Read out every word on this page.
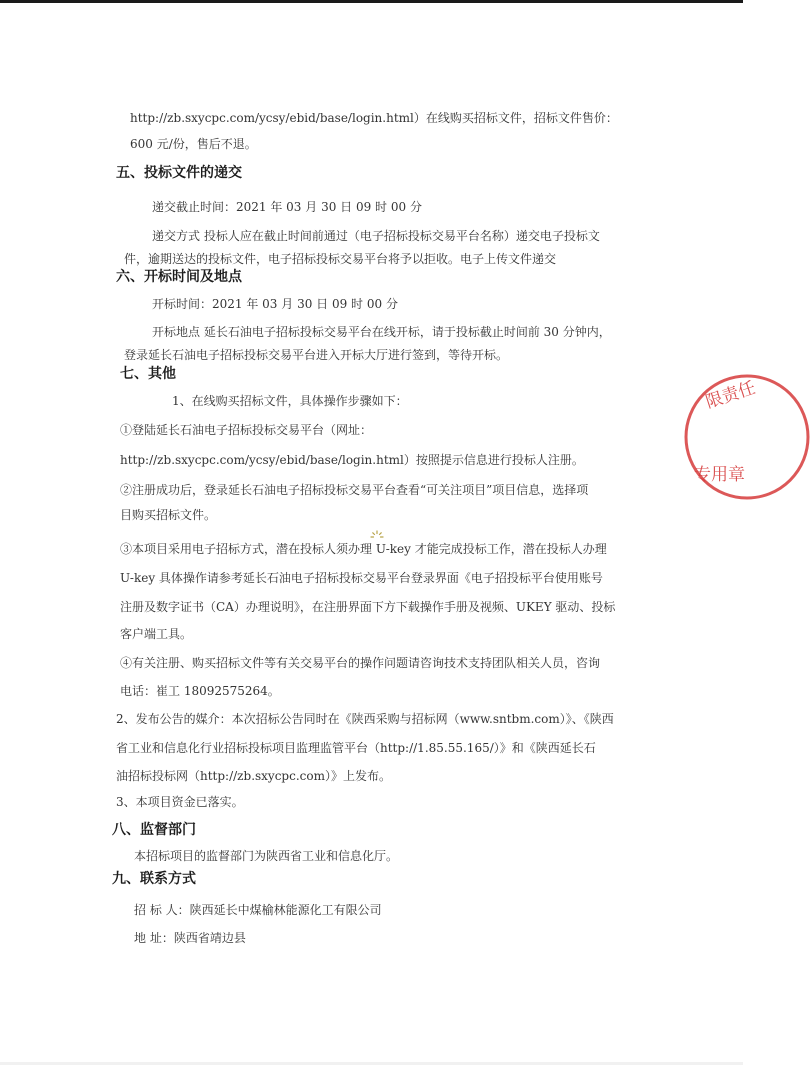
http://zb.sxycpc.com/ycsy/ebid/base/login.html）在线购买招标文件，招标文件售价：
600 元/份，售后不退。
五、投标文件的递交
递交截止时间：2021 年 03 月 30 日 09 时 00 分
递交方式 投标人应在截止时间前通过（电子招标投标交易平台名称）递交电子投标文
件，逾期送达的投标文件，电子招标投标交易平台将予以拒收。电子上传文件递交
六、开标时间及地点
开标时间：2021 年 03 月 30 日 09 时 00 分
开标地点 延长石油电子招标投标交易平台在线开标，请于投标截止时间前 30 分钟内，
登录延长石油电子招标投标交易平台进入开标大厅进行签到，等待开标。
七、其他
1、在线购买招标文件，具体操作步骤如下：
①登陆延长石油电子招标投标交易平台（网址：
http://zb.sxycpc.com/ycsy/ebid/base/login.html）按照提示信息进行投标人注册。
②注册成功后，登录延长石油电子招标投标交易平台查看“可关注项目”项目信息，选择项
目购买招标文件。
③本项目采用电子招标方式，潜在投标人须办理 U-key 才能完成投标工作，潜在投标人办理
U-key 具体操作请参考延长石油电子招标投标交易平台登录界面《电子招投标平台使用账号
注册及数字证书（CA）办理说明》，在注册界面下方下载操作手册及视频、UKEY 驱动、投标
客户端工具。
④有关注册、购买招标文件等有关交易平台的操作问题请咨询技术支持团队相关人员，咨询
电话：崔工 18092575264。
2、发布公告的媒介：本次招标公告同时在《陕西采购与招标网（www.sntbm.com）》、《陕西
省工业和信息化行业招标投标项目监理监管平台（http://1.85.55.165/）》和《陕西延长石
油招标投标网（http://zb.sxycpc.com）》上发布。
3、本项目资金已落实。
八、监督部门
本招标项目的监督部门为陕西省工业和信息化厅。
九、联系方式
招 标 人：陕西延长中煤榆林能源化工有限公司
地 址：陕西省靖边县
限责任
专用章
